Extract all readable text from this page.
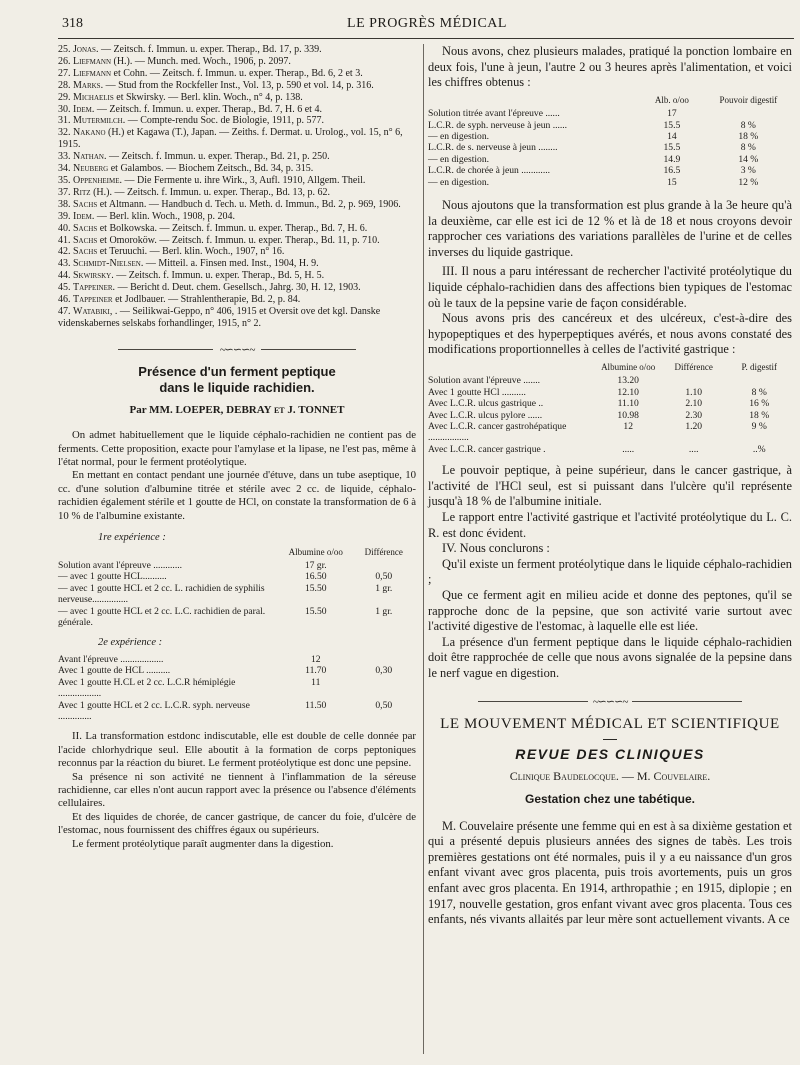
318	LE PROGRÈS MÉDICAL

25. Jonas. — Zeitsch. f. Immun. u. exper. Therap., Bd. 17, p. 339.

26. Liefmann (H.). — Munch. med. Woch., 1906, p. 2097.

27. Liefmann et Cohn. — Zeitsch. f. Immun. u. exper. Therap., Bd. 6, 2 et 3.

28. Marks. — Stud from the Rockfeller Inst., Vol. 13, p. 590 et vol. 14, p. 316.

29. Michaelis et Skwirsky. — Berl. klin. Woch., n° 4, p. 138.

30. Idem. — Zeitsch. f. Immun. u. exper. Therap., Bd. 7, H. 6 et 4.

31. Mutermilch. — Compte-rendu Soc. de Biologie, 1911, p. 577.

32. Nakano (H.) et Kagawa (T.), Japan. — Zeiths. f. Dermat. u. Urolog., vol. 15, n° 6, 1915.

33. Nathan. — Zeitsch. f. Immun. u. exper. Therap., Bd. 21, p. 250.

34. Neuberg et Galambos. — Biochem Zeitsch., Bd. 34, p. 315.

35. Oppenheime. — Die Fermente u. ihre Wirk., 3, Aufl. 1910, Allgem. Theil.

37. Ritz (H.). — Zeitsch. f. Immun. u. exper. Therap., Bd. 13, p. 62.

38. Sachs et Altmann. — Handbuch d. Tech. u. Meth. d. Immun., Bd. 2, p. 969, 1906.

39. Idem. — Berl. klin. Woch., 1908, p. 204.

40. Sachs et Bolkowska. — Zeitsch. f. Immun. u. exper. Therap., Bd. 7, H. 6.

41. Sachs et Omoroköw. — Zeitsch. f. Immun. u. exper. Therap., Bd. 11, p. 710.

42. Sachs et Teruuchi. — Berl. klin. Woch., 1907, n° 16.

43. Schmidt-Nielsen. — Mitteil. a. Finsen med. Inst., 1904, H. 9.

44. Skwirsky. — Zeitsch. f. Immun. u. exper. Therap., Bd. 5, H. 5.

45. Tappeiner. — Bericht d. Deut. chem. Gesellsch., Jahrg. 30, H. 12, 1903.

46. Tappeiner et Jodlbauer. — Strahlentherapie, Bd. 2, p. 84.

47. Watabiki, . — Seilikwai-Geppo, n° 406, 1915 et Oversit ove det kgl. Danske videnskabernes selskabs forhandlinger, 1915, n° 2.

~∽∽∽~
Présence d'un ferment peptique
dans le liquide rachidien.
Par MM. LOEPER, DEBRAY et J. TONNET

On admet habituellement que le liquide céphalo-rachidien ne contient pas de ferments. Cette proposition, exacte pour l'amylase et la lipase, ne l'est pas, même à l'état normal, pour le ferment protéolytique.

En mettant en contact pendant une journée d'étuve, dans un tube aseptique, 10 cc. d'une solution d'albumine titrée et stérile avec 2 cc. de liquide, céphalo-rachidien également stérile et 1 goutte de HCl, on constate la transformation de 6 à 10 % de l'albumine existante.

1re expérience :
	Albumine o/oo	Différence
Solution avant l'épreuve ............	17 gr.	
— avec 1 goutte HCL..........	16.50	0,50
— avec 1 goutte HCL et 2 cc. L. rachidien de syphilis nerveuse...............	15.50	1 gr.
— avec 1 goutte HCL et 2 cc. L.C. rachidien de paral. générale.	15.50	1 gr.
2e expérience :

Avant l'épreuve ..................	12	
Avec 1 goutte de HCL ..........	11.70	0,30
Avec 1 goutte H.CL et 2 cc. L.C.R hémiplégie ..................	11	
Avec 1 goutte HCL et 2 cc. L.C.R. syph. nerveuse ..............	11.50	0,50

II. La transformation estdonc indiscutable, elle est double de celle donnée par l'acide chlorhydrique seul. Elle aboutit à la formation de corps peptoniques reconnus par la réaction du biuret. Le ferment protéolytique est donc une pepsine.

Sa présence ni son activité ne tiennent à l'inflammation de la séreuse rachidienne, car elles n'ont aucun rapport avec la présence ou l'absence d'éléments cellulaires.

Et des liquides de chorée, de cancer gastrique, de cancer du foie, d'ulcère de l'estomac, nous fournissent des chiffres égaux ou supérieurs.

Le ferment protéolytique paraît augmenter dans la digestion.

Nous avons, chez plusieurs malades, pratiqué la ponction lombaire en deux fois, l'une à jeun, l'autre 2 ou 3 heures après l'alimentation, et voici les chiffres obtenus :

	Alb. o/oo	Pouvoir digestif
Solution titrée avant l'épreuve ......	17	
L.C.R. de syph. nerveuse à jeun ......	15.5	8 %
— en digestion.	14	18 %
L.C.R. de s. nerveuse à jeun ........	15.5	8 %
— en digestion.	14.9	14 %
L.C.R. de chorée à jeun ............	16.5	3 %
— en digestion.	15	12 %

Nous ajoutons que la transformation est plus grande à la 3e heure qu'à la deuxième, car elle est ici de 12 % et là de 18 et nous croyons devoir rapprocher ces variations des variations parallèles de l'urine et de celles inverses du liquide gastrique.

III. Il nous a paru intéressant de rechercher l'activité protéolytique du liquide céphalo-rachidien dans des affections bien typiques de l'estomac où le taux de la pepsine varie de façon considérable.

Nous avons pris des cancéreux et des ulcéreux, c'est-à-dire des hypopeptiques et des hyperpeptiques avérés, et nous avons constaté des modifications proportionnelles à celles de l'activité gastrique :

	Albumine o/oo	Différence	P. digestif
Solution avant l'épreuve .......	13.20		
Avec 1 goutte HCl ..........	12.10	1.10	8 %
Avec L.C.R. ulcus gastrique ..	11.10	2.10	16 %
Avec L.C.R. ulcus pylore ......	10.98	2.30	18 %
Avec L.C.R. cancer gastrohépatique .................	12	1.20	9 %
Avec L.C.R. cancer gastrique .	.....	....	..%

Le pouvoir peptique, à peine supérieur, dans le cancer gastrique, à l'activité de l'HCl seul, est si puissant dans l'ulcère qu'il représente jusqu'à 18 % de l'albumine initiale.

Le rapport entre l'activité gastrique et l'activité protéolytique du L. C. R. est donc évident.

IV. Nous conclurons :

Qu'il existe un ferment protéolytique dans le liquide céphalo-rachidien ;

Que ce ferment agit en milieu acide et donne des peptones, qu'il se rapproche donc de la pepsine, que son activité varie surtout avec l'activité digestive de l'estomac, à laquelle elle est liée.

La présence d'un ferment peptique dans le liquide céphalo-rachidien doit être rapprochée de celle que nous avons signalée de la pepsine dans le nerf vague en digestion.

~∽∽∽~
LE MOUVEMENT MÉDICAL ET SCIENTIFIQUE
REVUE DES CLINIQUES
Clinique Baudelocque. — M. Couvelaire.
Gestation chez une tabétique.

M. Couvelaire présente une femme qui en est à sa dixième gestation et qui a présenté depuis plusieurs années des signes de tabès. Les trois premières gestations ont été normales, puis il y a eu naissance d'un gros enfant vivant avec gros placenta, puis trois avortements, puis un gros enfant avec gros placenta. En 1914, arthropathie ; en 1915, diplopie ; en 1917, nouvelle gestation, gros enfant vivant avec gros placenta. Tous ces enfants, nés vivants allaités par leur mère sont actuellement vivants. A ce
